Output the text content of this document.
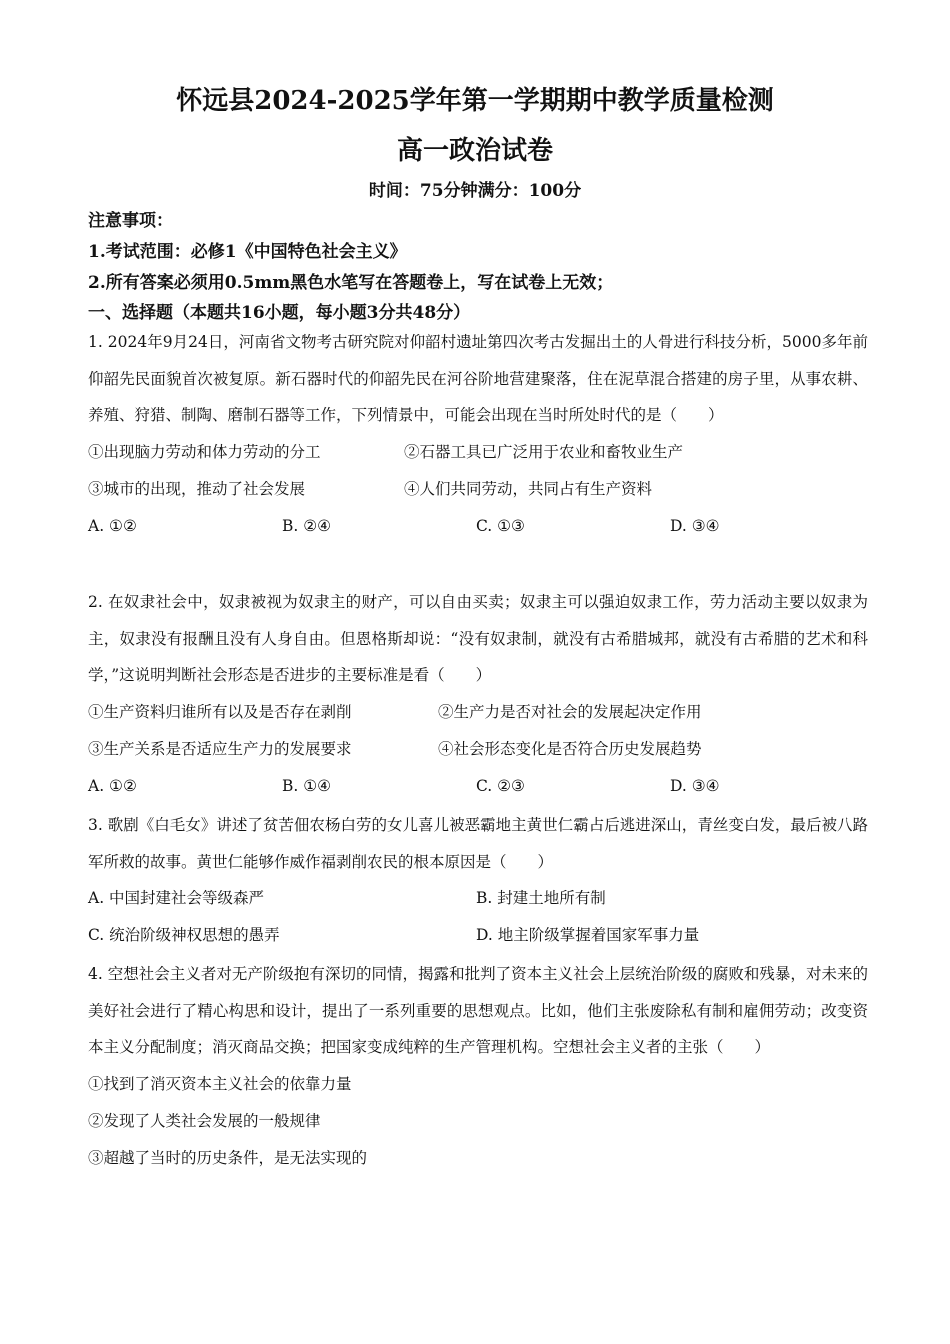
怀远县2024-2025学年第一学期期中教学质量检测
高一政治试卷
时间：75分钟满分：100分
注意事项：
1.考试范围：必修1《中国特色社会主义》
2.所有答案必须用0.5mm黑色水笔写在答题卷上，写在试卷上无效；
一、选择题（本题共16小题，每小题3分共48分）
1. 2024年9月24日，河南省文物考古研究院对仰韶村遗址第四次考古发掘出土的人骨进行科技分析，5000多年前仰韶先民面貌首次被复原。新石器时代的仰韶先民在河谷阶地营建聚落，住在泥草混合搭建的房子里，从事农耕、养殖、狩猎、制陶、磨制石器等工作，下列情景中，可能会出现在当时所处时代的是（　　）
①出现脑力劳动和体力劳动的分工	②石器工具已广泛用于农业和畜牧业生产
③城市的出现，推动了社会发展	④人们共同劳动，共同占有生产资料
A. ①②	B. ②④	C. ①③	D. ③④
2. 在奴隶社会中，奴隶被视为奴隶主的财产，可以自由买卖；奴隶主可以强迫奴隶工作，劳力活动主要以奴隶为主，奴隶没有报酬且没有人身自由。但恩格斯却说：“没有奴隶制，就没有古希腊城邦，就没有古希腊的艺术和科学，”这说明判断社会形态是否进步的主要标准是看（　　）
①生产资料归谁所有以及是否存在剥削	②生产力是否对社会的发展起决定作用
③生产关系是否适应生产力的发展要求	④社会形态变化是否符合历史发展趋势
A. ①②	B. ①④	C. ②③	D. ③④
3. 歌剧《白毛女》讲述了贫苦佃农杨白劳的女儿喜儿被恶霸地主黄世仁霸占后逃进深山，青丝变白发，最后被八路军所救的故事。黄世仁能够作威作福剥削农民的根本原因是（　　）
A. 中国封建社会等级森严	B. 封建土地所有制
C. 统治阶级神权思想的愚弄	D. 地主阶级掌握着国家军事力量
4. 空想社会主义者对无产阶级抱有深切的同情，揭露和批判了资本主义社会上层统治阶级的腐败和残暴，对未来的美好社会进行了精心构思和设计，提出了一系列重要的思想观点。比如，他们主张废除私有制和雇佣劳动；改变资本主义分配制度；消灭商品交换；把国家变成纯粹的生产管理机构。空想社会主义者的主张（　　）
①找到了消灭资本主义社会的依靠力量
②发现了人类社会发展的一般规律
③超越了当时的历史条件，是无法实现的
